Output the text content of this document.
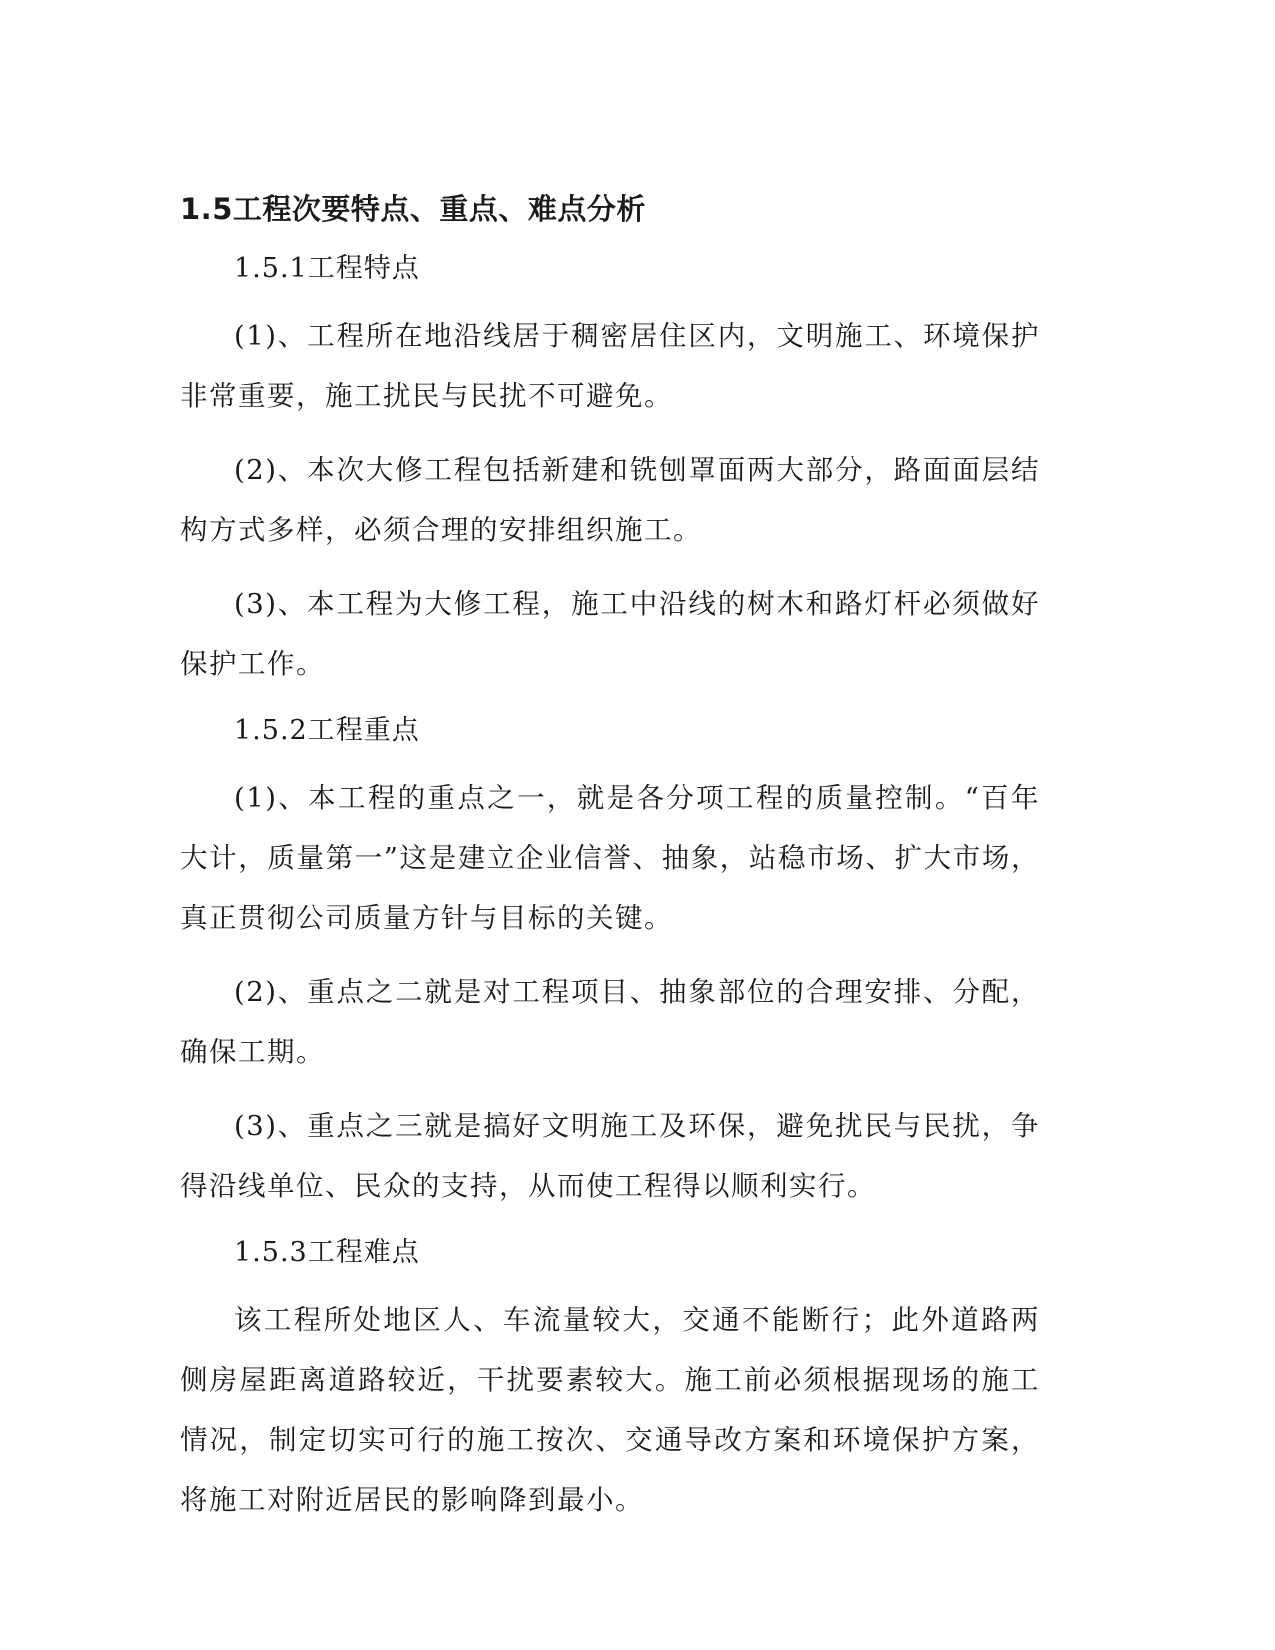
1.5工程次要特点、重点、难点分析

1.5.1工程特点

(1)、工程所在地沿线居于稠密居住区内，文明施工、环境保护非常重要，施工扰民与民扰不可避免。

(2)、本次大修工程包括新建和铣刨罩面两大部分，路面面层结构方式多样，必须合理的安排组织施工。

(3)、本工程为大修工程，施工中沿线的树木和路灯杆必须做好保护工作。

1.5.2工程重点

(1)、本工程的重点之一，就是各分项工程的质量控制。“百年大计，质量第一”这是建立企业信誉、抽象，站稳市场、扩大市场，真正贯彻公司质量方针与目标的关键。

(2)、重点之二就是对工程项目、抽象部位的合理安排、分配，确保工期。

(3)、重点之三就是搞好文明施工及环保，避免扰民与民扰，争得沿线单位、民众的支持，从而使工程得以顺利实行。

1.5.3工程难点

该工程所处地区人、车流量较大，交通不能断行；此外道路两侧房屋距离道路较近，干扰要素较大。施工前必须根据现场的施工情况，制定切实可行的施工按次、交通导改方案和环境保护方案，将施工对附近居民的影响降到最小。
